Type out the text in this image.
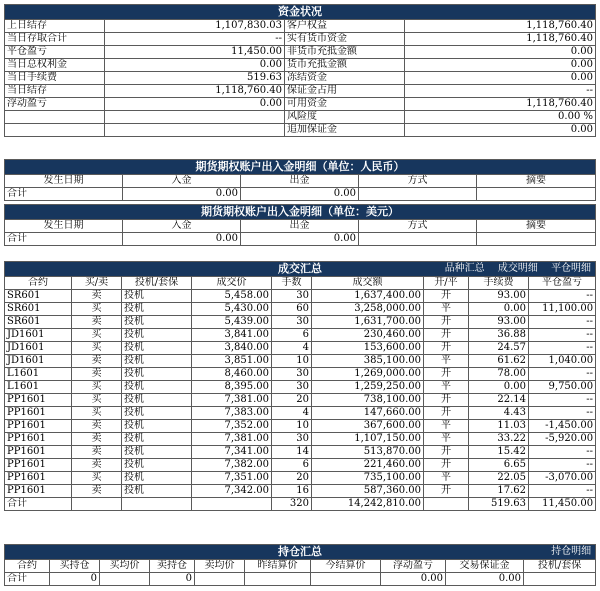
资金状况			
上日结存	1,107,830.03	客户权益	1,118,760.40
当日存取合计	--	实有货币资金	1,118,760.40
平仓盈亏	11,450.00	非货币充抵金额	0.00
当日总权利金	0.00	货币充抵金额	0.00
当日手续费	519.63	冻结资金	0.00
当日结存	1,118,760.40	保证金占用	--
浮动盈亏	0.00	可用资金	1,118,760.40
		风险度	0.00 %
		追加保证金	0.00
期货期权账户出入金明细（单位：人民币）				
发生日期	入金	出金	方式	摘要
合计	0.00	0.00		
期货期权账户出入金明细（单位：美元）				
发生日期	入金	出金	方式	摘要
合计	0.00	0.00		
成交汇总 品种汇总 成交明细 平仓明细								

合约	买/卖	投机/套保	成交价	手数	成交额	开/平	手续费	平仓盈亏
SR601	卖	投机	5,458.00	30	1,637,400.00	开	93.00	--
SR601	买	投机	5,430.00	60	3,258,000.00	平	0.00	11,100.00
SR601	卖	投机	5,439.00	30	1,631,700.00	开	93.00	--
JD1601	买	投机	3,841.00	6	230,460.00	开	36.88	--
JD1601	买	投机	3,840.00	4	153,600.00	开	24.57	--
JD1601	卖	投机	3,851.00	10	385,100.00	平	61.62	1,040.00
L1601	卖	投机	8,460.00	30	1,269,000.00	开	78.00	--
L1601	买	投机	8,395.00	30	1,259,250.00	平	0.00	9,750.00
PP1601	买	投机	7,381.00	20	738,100.00	开	22.14	--
PP1601	买	投机	7,383.00	4	147,660.00	开	4.43	--
PP1601	卖	投机	7,352.00	10	367,600.00	平	11.03	-1,450.00
PP1601	卖	投机	7,381.00	30	1,107,150.00	平	33.22	-5,920.00
PP1601	卖	投机	7,341.00	14	513,870.00	开	15.42	--
PP1601	卖	投机	7,382.00	6	221,460.00	开	6.65	--
PP1601	买	投机	7,351.00	20	735,100.00	平	22.05	-3,070.00
PP1601	卖	投机	7,342.00	16	587,360.00	开	17.62	--
合计				320	14,242,810.00		519.63	11,450.00
持仓汇总 持仓明细									

合约	买持仓	买均价	卖持仓	卖均价	昨结算价	今结算价	浮动盈亏	交易保证金	投机/套保
合计	0		0				0.00	0.00	
